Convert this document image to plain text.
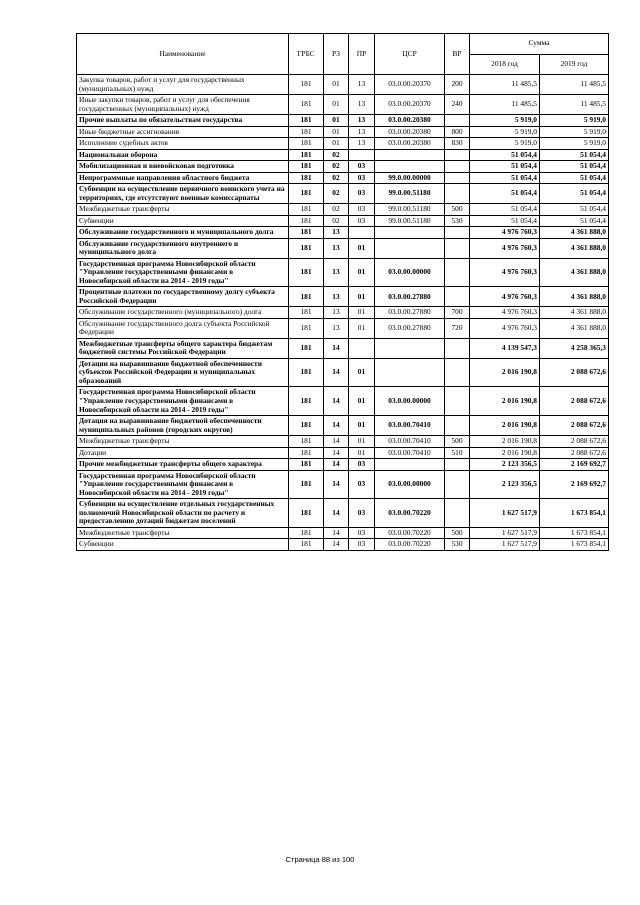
Наименование	ГРБС	РЗ	ПР	ЦСР	ВР	Сумма	
						2018 год	2019 год
Закупка товаров, работ и услуг для государственных (муниципальных) нужд	181	01	13	03.0.00.20370	200	11 485,5	11 485,5
Иные закупки товаров, работ и услуг для обеспечения государственных (муниципальных) нужд	181	01	13	03.0.00.20370	240	11 485,5	11 485,5
Прочие выплаты по обязательствам государства	181	01	13	03.0.00.20380		5 919,0	5 919,0
Иные бюджетные ассигнования	181	01	13	03.0.00.20380	800	5 919,0	5 919,0
Исполнение судебных актов	181	01	13	03.0.00.20380	830	5 919,0	5 919,0
Национальная оборона	181	02				51 054,4	51 054,4
Мобилизационная и вневойсковая подготовка	181	02	03			51 054,4	51 054,4
Непрограммные направления областного бюджета	181	02	03	99.0.00.00000		51 054,4	51 054,4
Субвенции на осуществление первичного воинского учета на территориях, где отсутствуют военные комиссариаты	181	02	03	99.0.00.51180		51 054,4	51 054,4
Межбюджетные трансферты	181	02	03	99.0.00.51180	500	51 054,4	51 054,4
Субвенции	181	02	03	99.0.00.51180	530	51 054,4	51 054,4
Обслуживание государственного и муниципального долга	181	13				4 976 760,3	4 361 888,0
Обслуживание государственного внутреннего и муниципального долга	181	13	01			4 976 760,3	4 361 888,0
Государственная программа Новосибирской области "Управление государственными финансами в Новосибирской области на 2014 - 2019 годы"	181	13	01	03.0.00.00000		4 976 760,3	4 361 888,0
Процентные платежи по государственному долгу субъекта Российской Федерации	181	13	01	03.0.00.27880		4 976 760,3	4 361 888,0
Обслуживание государственного (муниципального) долга	181	13	01	03.0.00.27880	700	4 976 760,3	4 361 888,0
Обслуживание государственного долга субъекта Российской Федерации	181	13	01	03.0.00.27880	720	4 976 760,3	4 361 888,0
Межбюджетные трансферты общего характера бюджетам бюджетной системы Российской Федерации	181	14				4 139 547,3	4 258 365,3
Дотации на выравнивание бюджетной обеспеченности субъектов Российской Федерации и муниципальных образований	181	14	01			2 016 190,8	2 088 672,6
Государственная программа Новосибирской области "Управление государственными финансами в Новосибирской области на 2014 - 2019 годы"	181	14	01	03.0.00.00000		2 016 190,8	2 088 672,6
Дотация на выравнивание бюджетной обеспеченности муниципальных районов (городских округов)	181	14	01	03.0.00.70410		2 016 190,8	2 088 672,6
Межбюджетные трансферты	181	14	01	03.0.00.70410	500	2 016 190,8	2 088 672,6
Дотации	181	14	01	03.0.00.70410	510	2 016 190,8	2 088 672,6
Прочие межбюджетные трансферты общего характера	181	14	03			2 123 356,5	2 169 692,7
Государственная программа Новосибирской области "Управление государственными финансами в Новосибирской области на 2014 - 2019 годы"	181	14	03	03.0.00.00000		2 123 356,5	2 169 692,7
Субвенции на осуществление отдельных государственных полномочий Новосибирской области по расчету и предоставлению дотаций бюджетам поселений	181	14	03	03.0.00.70220		1 627 517,9	1 673 854,1
Межбюджетные трансферты	181	14	03	03.0.00.70220	500	1 627 517,9	1 673 854,1
Субвенции	181	14	03	03.0.00.70220	530	1 627 517,9	1 673 854,1
Страница 88 из 100
